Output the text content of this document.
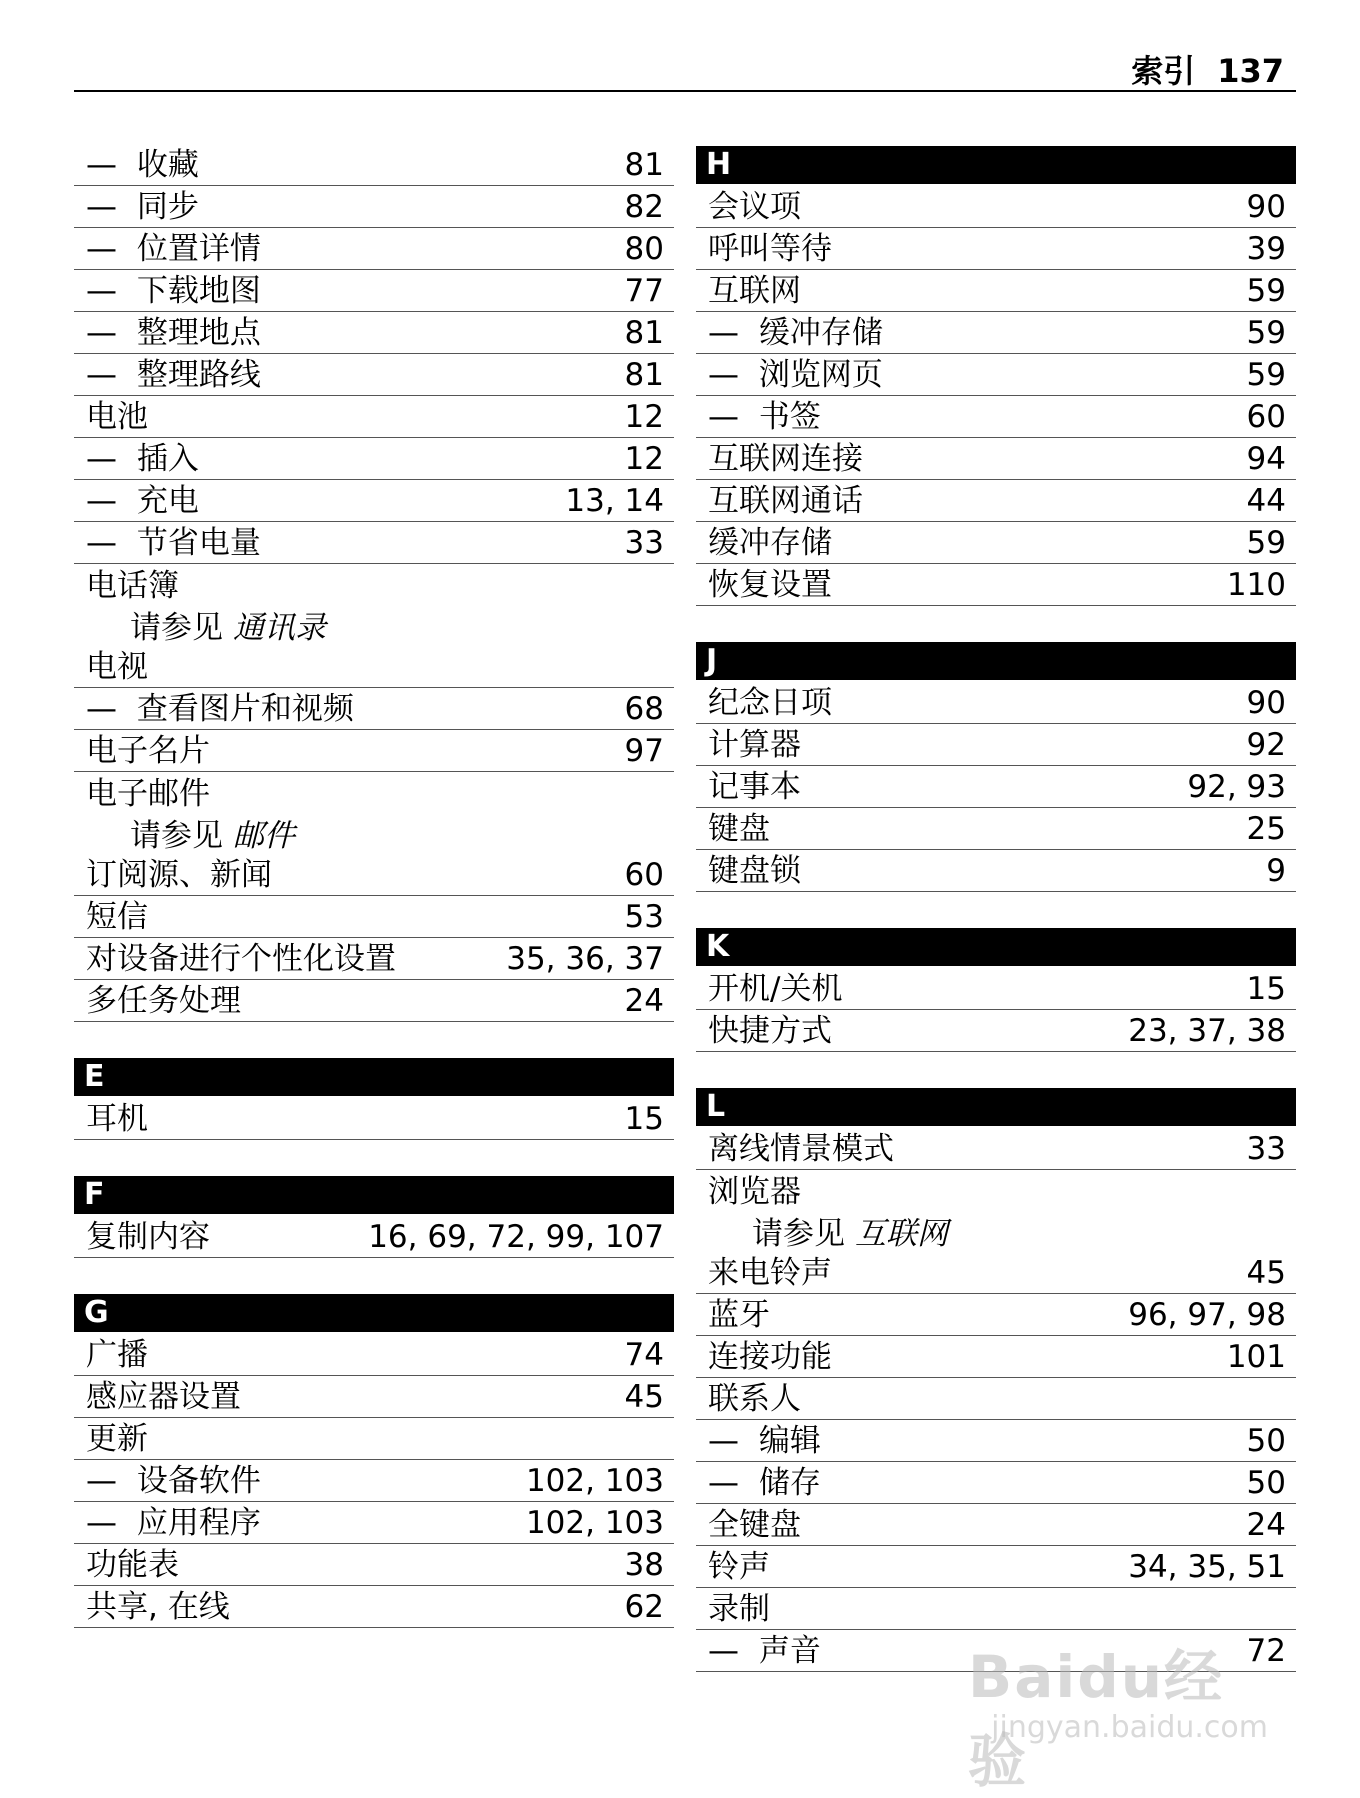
索引 137
— 收藏	81
— 同步	82
— 位置详情	80
— 下载地图	77
— 整理地点	81
— 整理路线	81
电池	12
— 插入	12
— 充电	13, 14
— 节省电量	33
电话簿
请参见 通讯录
电视
— 查看图片和视频	68
电子名片	97
电子邮件
请参见 邮件
订阅源、新闻	60
短信	53
对设备进行个性化设置	35, 36, 37
多任务处理	24
E
耳机	15
F
复制内容	16, 69, 72, 99, 107
G
广播	74
感应器设置	45
更新
— 设备软件	102, 103
— 应用程序	102, 103
功能表	38
共享, 在线	62
H
会议项	90
呼叫等待	39
互联网	59
— 缓冲存储	59
— 浏览网页	59
— 书签	60
互联网连接	94
互联网通话	44
缓冲存储	59
恢复设置	110
J
纪念日项	90
计算器	92
记事本	92, 93
键盘	25
键盘锁	9
K
开机/关机	15
快捷方式	23, 37, 38
L
离线情景模式	33
浏览器
请参见 互联网
来电铃声	45
蓝牙	96, 97, 98
连接功能	101
联系人
— 编辑	50
— 储存	50
全键盘	24
铃声	34, 35, 51
录制
— 声音	72
Baidu经验
jingyan.baidu.com
